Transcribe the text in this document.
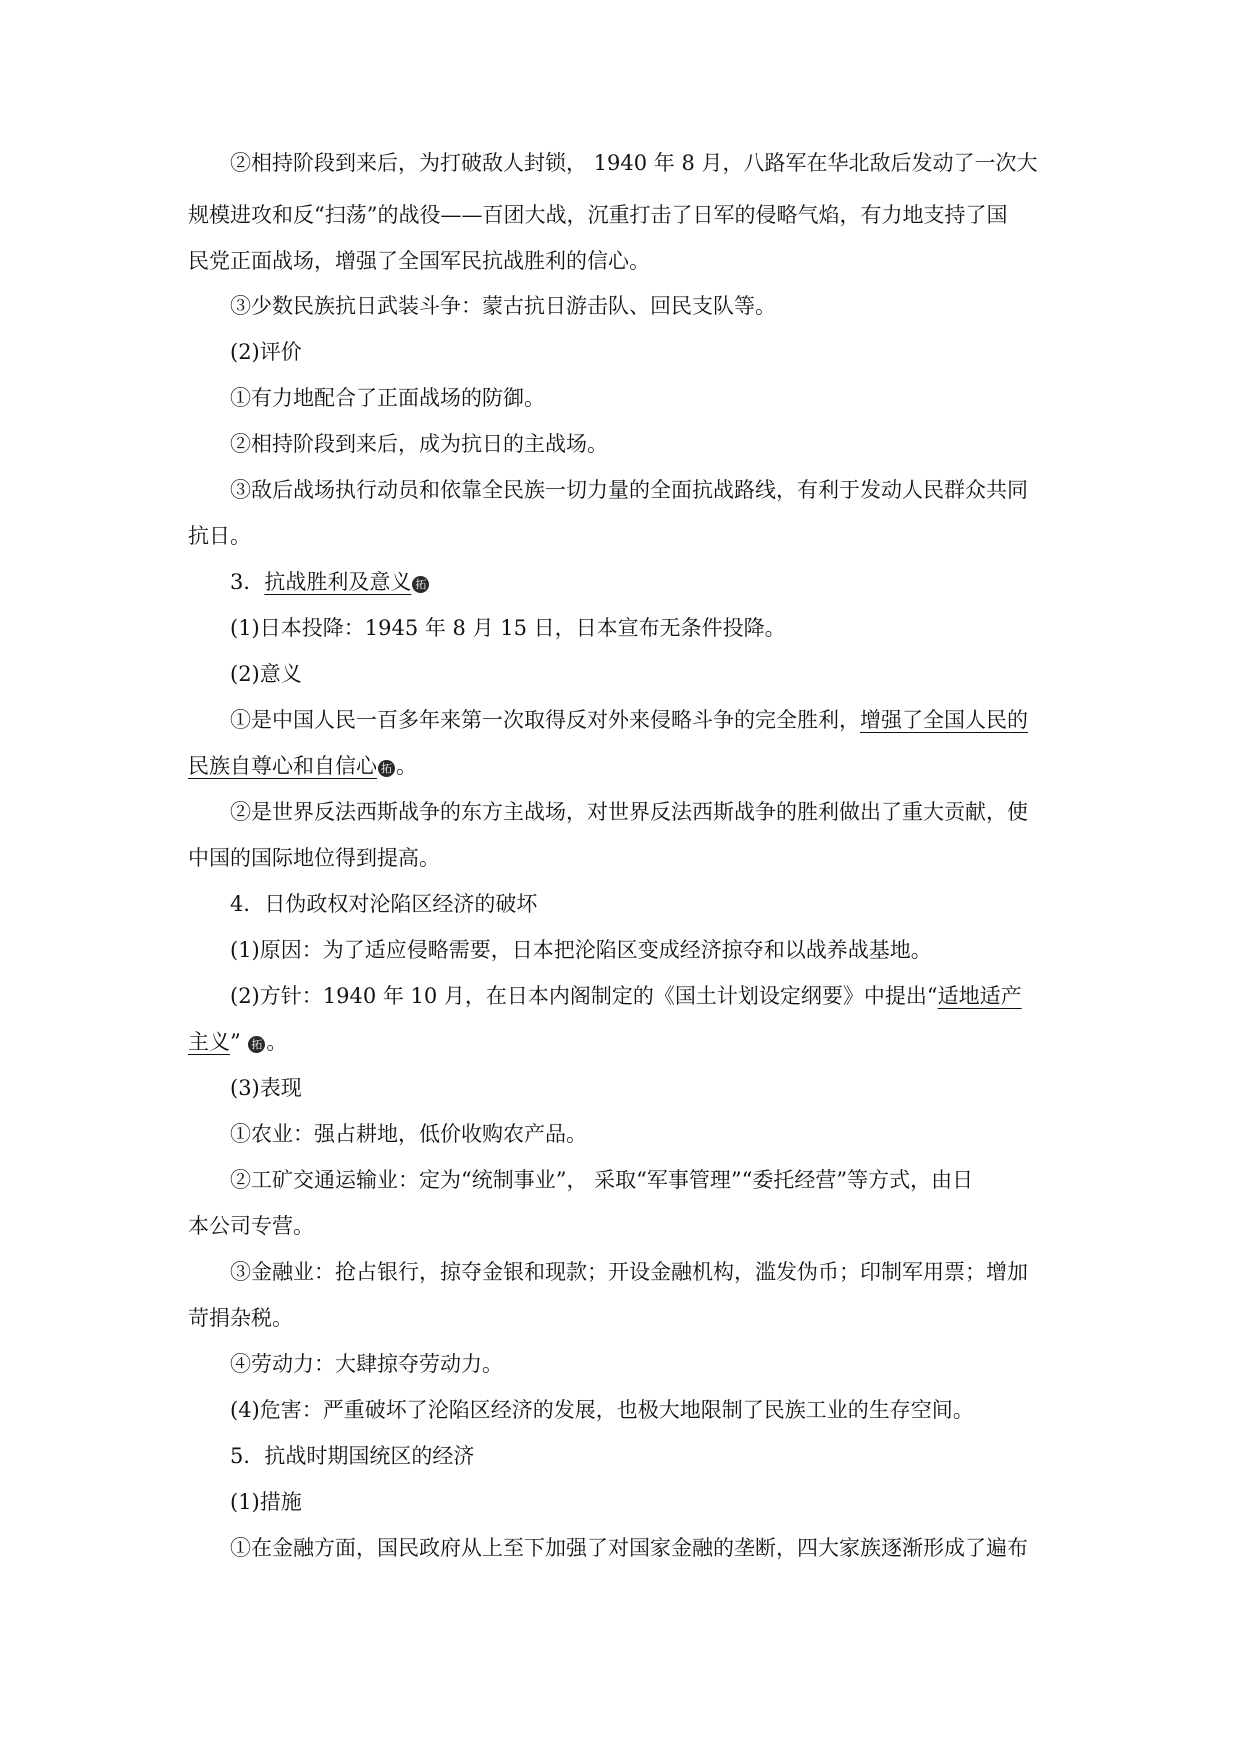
②相持阶段到来后，为打破敌人封锁， 1940 年 8 月，八路军在华北敌后发动了一次大
规模进攻和反“扫荡”的战役——百团大战，沉重打击了日军的侵略气焰，有力地支持了国
民党正面战场，增强了全国军民抗战胜利的信心。
③少数民族抗日武装斗争：蒙古抗日游击队、回民支队等。
(2)评价
①有力地配合了正面战场的防御。
②相持阶段到来后，成为抗日的主战场。
③敌后战场执行动员和依靠全民族一切力量的全面抗战路线，有利于发动人民群众共同
抗日。
3．抗战胜利及意义 拓
(1)日本投降：1945 年 8 月 15 日，日本宣布无条件投降。
(2)意义
①是中国人民一百多年来第一次取得反对外来侵略斗争的完全胜利，增强了全国人民的
民族自尊心和自信心 拓 。
②是世界反法西斯战争的东方主战场，对世界反法西斯战争的胜利做出了重大贡献，使
中国的国际地位得到提高。
4．日伪政权对沦陷区经济的破坏
(1)原因：为了适应侵略需要，日本把沦陷区变成经济掠夺和以战养战基地。
(2)方针：1940 年 10 月，在日本内阁制定的《国土计划设定纲要》中提出“适地适产
主义” 拓 。
(3)表现
①农业：强占耕地，低价收购农产品。
②工矿交通运输业：定为“统制事业”， 采取“军事管理”“委托经营”等方式，由日
本公司专营。
③金融业：抢占银行，掠夺金银和现款；开设金融机构，滥发伪币；印制军用票；增加
苛捐杂税。
④劳动力：大肆掠夺劳动力。
(4)危害：严重破坏了沦陷区经济的发展，也极大地限制了民族工业的生存空间。
5．抗战时期国统区的经济
(1)措施
①在金融方面，国民政府从上至下加强了对国家金融的垄断，四大家族逐渐形成了遍布
